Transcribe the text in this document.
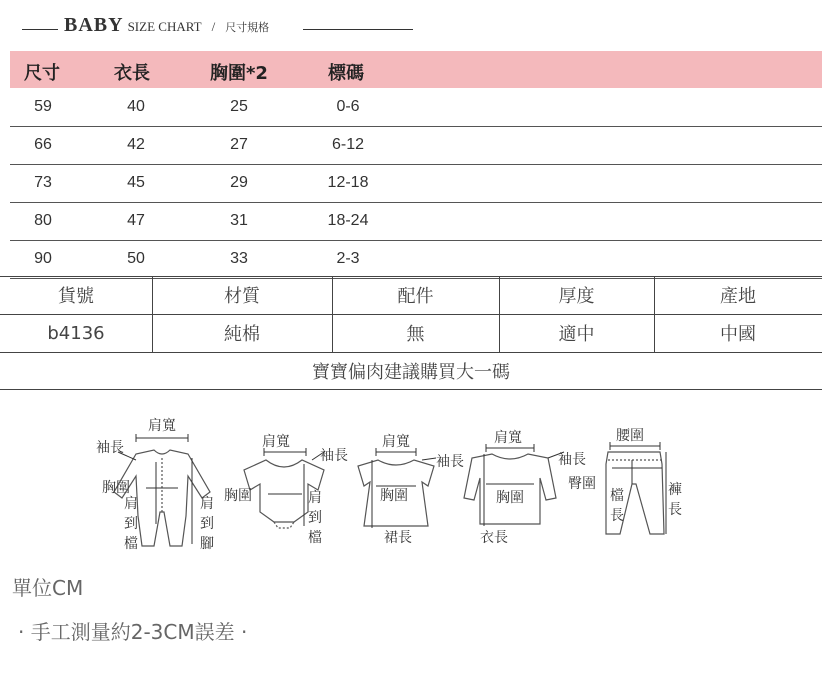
BABY SIZE CHART / 尺寸規格
尺寸	衣長	胸圍*2	標碼
59	40	25	0-6
66	42	27	6-12
73	45	29	12-18
80	47	31	18-24
90	50	33	2-3
貨號	材質	配件	厚度	產地
b4136	純棉	無	適中	中國
寶寶偏肉建議購買大一碼
肩寬
袖長
胸圍
肩
到
檔
肩
到
腳
肩寬
袖長
胸圍	肩
到
檔
肩寬
袖長
胸圍
裙長
肩寬
袖長
胸圍
衣長
腰圍
臀圍
檔
長
褲
長
單位CM
· 手工測量約2-3CM誤差 ·
